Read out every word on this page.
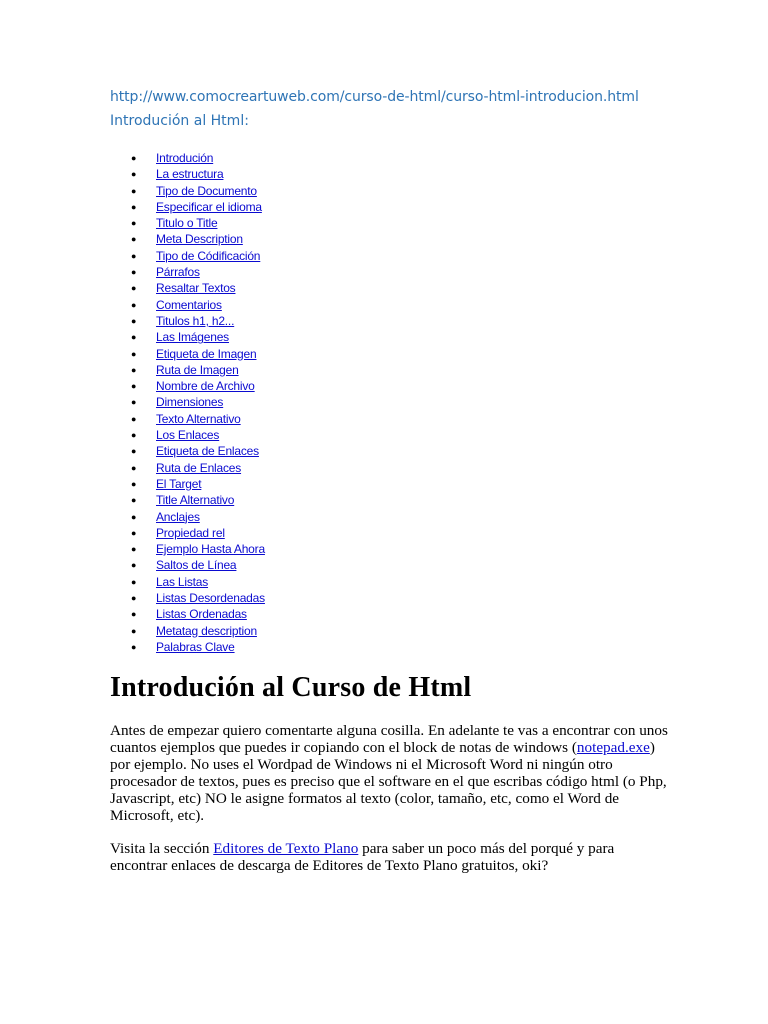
http://www.comocreartuweb.com/curso-de-html/curso-html-introducion.html
Introdución al Html:
● Introdución
● La estructura
● Tipo de Documento
● Especificar el idioma
● Titulo o Title
● Meta Description
● Tipo de Códificación
● Párrafos
● Resaltar Textos
● Comentarios
● Titulos h1, h2...
● Las Imágenes
● Etiqueta de Imagen
● Ruta de Imagen
● Nombre de Archivo
● Dimensiones
● Texto Alternativo
● Los Enlaces
● Etiqueta de Enlaces
● Ruta de Enlaces
● El Target
● Title Alternativo
● Anclajes
● Propiedad rel
● Ejemplo Hasta Ahora
● Saltos de Línea
● Las Listas
● Listas Desordenadas
● Listas Ordenadas
● Metatag description
● Palabras Clave
Introdución al Curso de Html

Antes de empezar quiero comentarte alguna cosilla. En adelante te vas a encontrar con unos cuantos ejemplos que puedes ir copiando con el block de notas de windows (notepad.exe) por ejemplo. No uses el Wordpad de Windows ni el Microsoft Word ni ningún otro procesador de textos, pues es preciso que el software en el que escribas código html (o Php, Javascript, etc) NO le asigne formatos al texto (color, tamaño, etc, como el Word de Microsoft, etc).

Visita la sección Editores de Texto Plano para saber un poco más del porqué y para encontrar enlaces de descarga de Editores de Texto Plano gratuitos, oki?
